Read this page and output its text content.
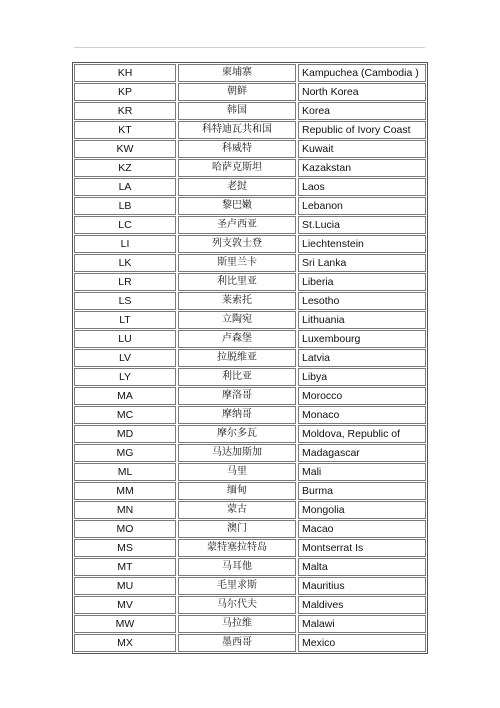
KH	柬埔寨	Kampuchea (Cambodia )
KP	朝鲜	North Korea
KR	韩国	Korea
KT	科特迪瓦共和国	Republic of Ivory Coast
KW	科威特	Kuwait
KZ	哈萨克斯坦	Kazakstan
LA	老挝	Laos
LB	黎巴嫩	Lebanon
LC	圣卢西亚	St.Lucia
LI	列支敦士登	Liechtenstein
LK	斯里兰卡	Sri Lanka
LR	利比里亚	Liberia
LS	莱索托	Lesotho
LT	立陶宛	Lithuania
LU	卢森堡	Luxembourg
LV	拉脱维亚	Latvia
LY	利比亚	Libya
MA	摩洛哥	Morocco
MC	摩纳哥	Monaco
MD	摩尔多瓦	Moldova, Republic of
MG	马达加斯加	Madagascar
ML	马里	Mali
MM	缅甸	Burma
MN	蒙古	Mongolia
MO	澳门	Macao
MS	蒙特塞拉特岛	Montserrat Is
MT	马耳他	Malta
MU	毛里求斯	Mauritius
MV	马尔代夫	Maldives
MW	马拉维	Malawi
MX	墨西哥	Mexico
